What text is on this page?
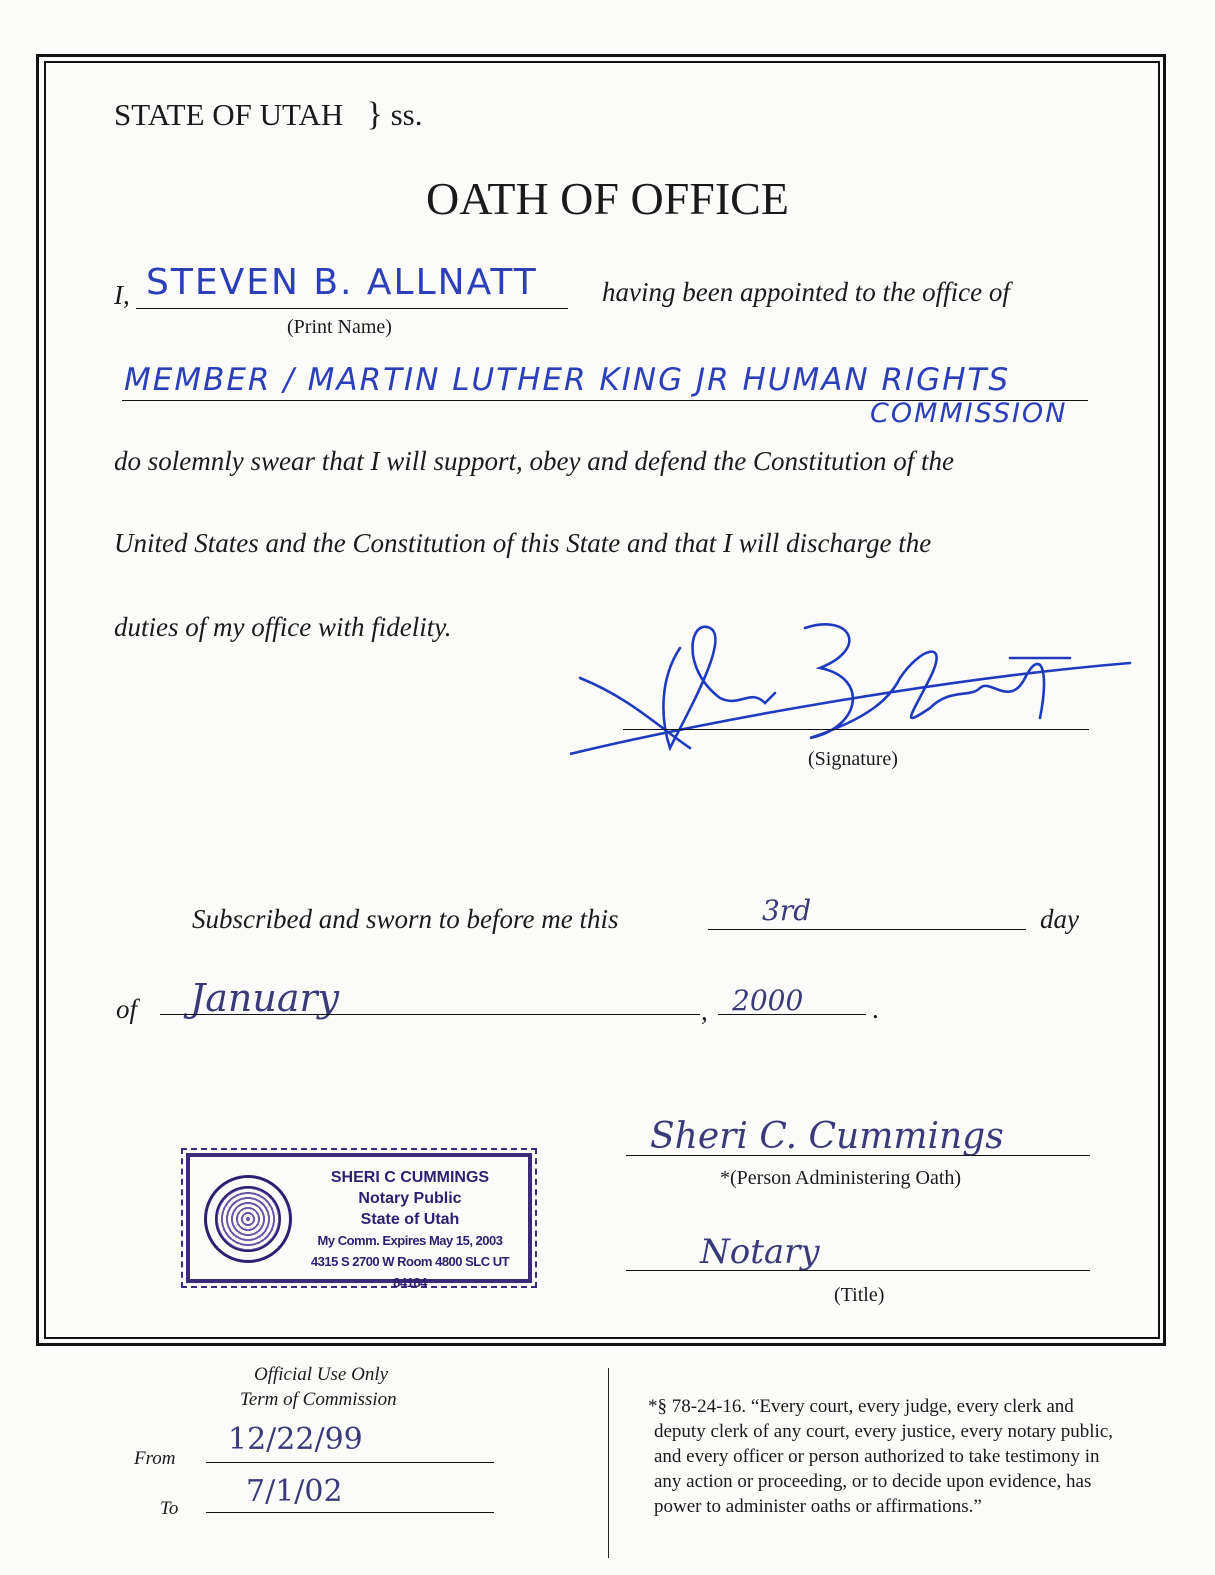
STATE OF UTAH } ss.
OATH OF OFFICE
I, STEVEN B. ALLNATT
(Print Name)
having been appointed to the office of
MEMBER / MARTIN LUTHER KING JR HUMAN RIGHTS
COMMISSION
do solemnly swear that I will support, obey and defend the Constitution of the
United States and the Constitution of this State and that I will discharge the
duties of my office with fidelity.
(Signature)
Subscribed and sworn to before me this	3rd	day
of January	, 2000	.
Sheri C. Cummings
*(Person Administering Oath)
Notary
(Title)
SHERI C CUMMINGS
Notary Public
State of Utah
My Comm. Expires May 15, 2003
4315 S 2700 W Room 4800 SLC UT 84184
Official Use Only
Term of Commission
From
12/22/99
To 7/1/02
*§ 78-24-16. “Every court, every judge, every clerk and
deputy clerk of any court, every justice, every notary public,
and every officer or person authorized to take testimony in
any action or proceeding, or to decide upon evidence, has
power to administer oaths or affirmations.”
